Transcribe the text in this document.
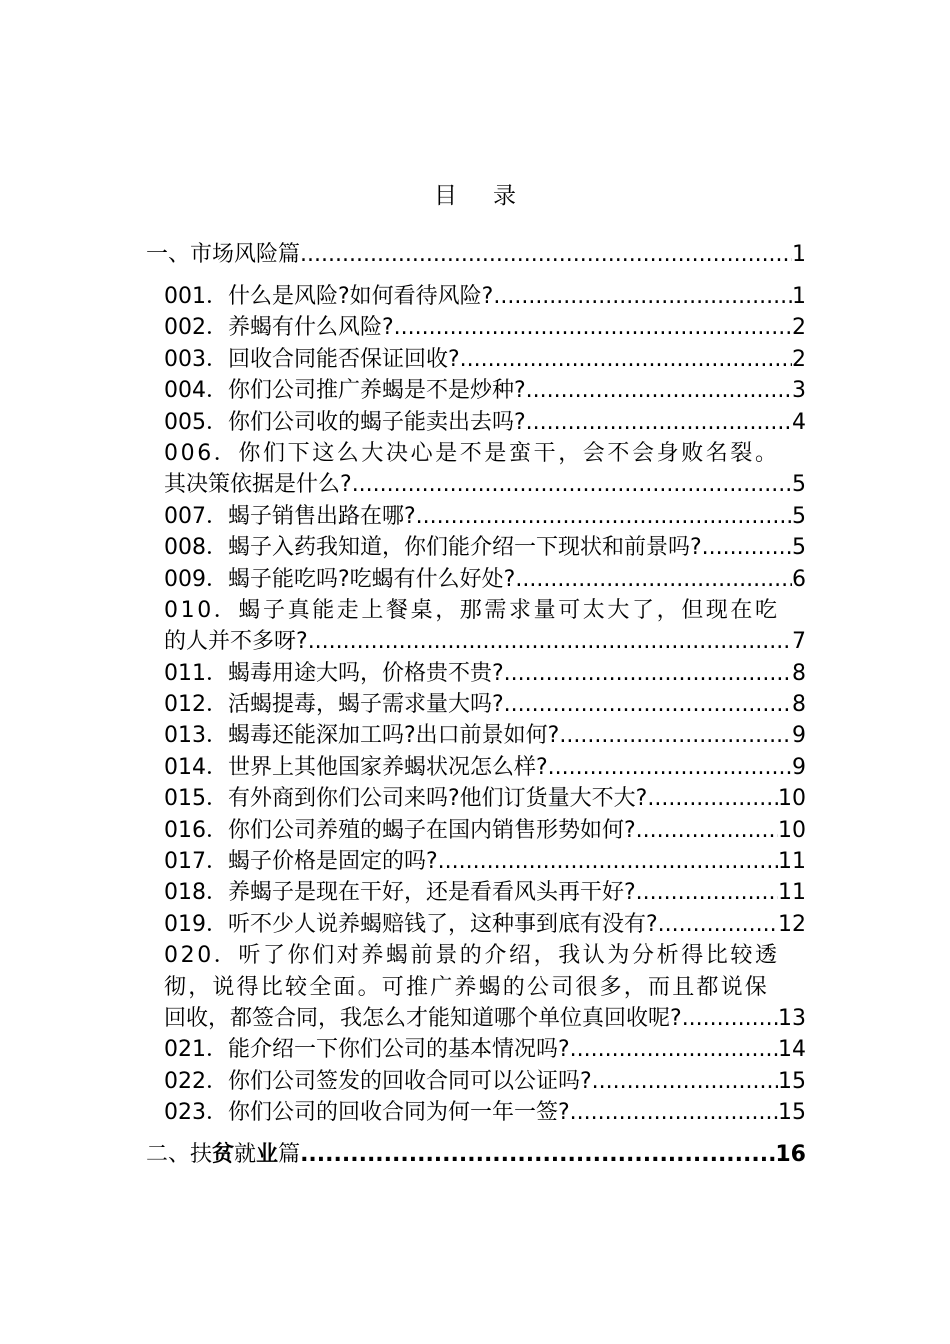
目录
一、市场风险篇 .....	1
001．什么是风险?如何看待风险? .....	1
002．养蝎有什么风险? .....	2
003．回收合同能否保证回收? .....	2
004．你们公司推广养蝎是不是炒种? .....	3
005．你们公司收的蝎子能卖出去吗? .....	4
006．你们下这么大决心是不是蛮干，会不会身败名裂。
其决策依据是什么? .....	5
007．蝎子销售出路在哪? .....	5
008．蝎子入药我知道，你们能介绍一下现状和前景吗? .....	5
009．蝎子能吃吗?吃蝎有什么好处? .....	6
010．蝎子真能走上餐桌，那需求量可太大了，但现在吃
的人并不多呀? .....	7
011．蝎毒用途大吗，价格贵不贵? .....	8
012．活蝎提毒，蝎子需求量大吗? .....	8
013．蝎毒还能深加工吗?出口前景如何? .....	9
014．世界上其他国家养蝎状况怎么样? .....	9
015．有外商到你们公司来吗?他们订货量大不大? .....	10
016．你们公司养殖的蝎子在国内销售形势如何? .....	10
017．蝎子价格是固定的吗? .....	11
018．养蝎子是现在干好，还是看看风头再干好? .....	11
019．听不少人说养蝎赔钱了，这种事到底有没有? .....	12
020．听了你们对养蝎前景的介绍，我认为分析得比较透
彻，说得比较全面。可推广养蝎的公司很多，而且都说保
回收，都签合同，我怎么才能知道哪个单位真回收呢? .....	13
021．能介绍一下你们公司的基本情况吗? .....	14
022．你们公司签发的回收合同可以公证吗? .....	15
023．你们公司的回收合同为何一年一签? .....	15
二、扶贫就业篇 .....	16
